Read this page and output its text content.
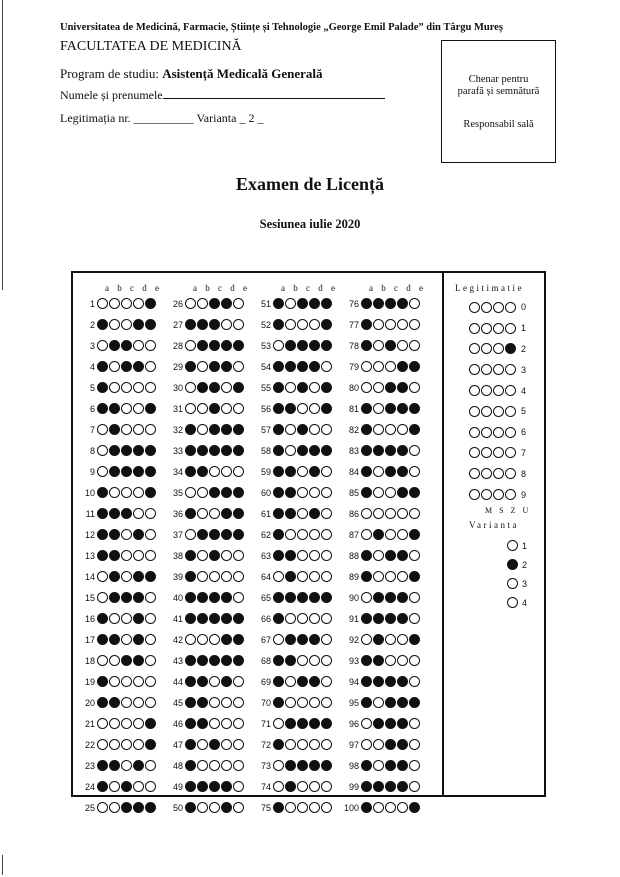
Universitatea de Medicină, Farmacie, Științe și Tehnologie „George Emil Palade” din Târgu Mureș
FACULTATEA DE MEDICINĂ
Program de studiu: Asistență Medicală Generală
Numele și prenumele
Legitimația nr. __________ Varianta _ 2 _
Chenar pentru
parafă și semnătură
Responsabil sală
Examen de Licență
Sesiunea iulie 2020
a b c d e
1
2
3
4
5
6
7
8
9
10
11
12
13
14
15
16
17
18
19
20
21
22
23
24
25
a b c d e
26
27
28
29
30
31
32
33
34
35
36
37
38
39
40
41
42
43
44
45
46
47
48
49
50
a b c d e
51
52
53
54
55
56
57
58
59
60
61
62
63
64
65
66
67
68
69
70
71
72
73
74
75
a b c d e
76
77
78
79
80
81
82
83
84
85
86
87
88
89
90
91
92
93
94
95
96
97
98
99
100
Legitimatie
0
1
2
3
4
5
6
7
8
9
M S Z U
Varianta
1
2
3
4
